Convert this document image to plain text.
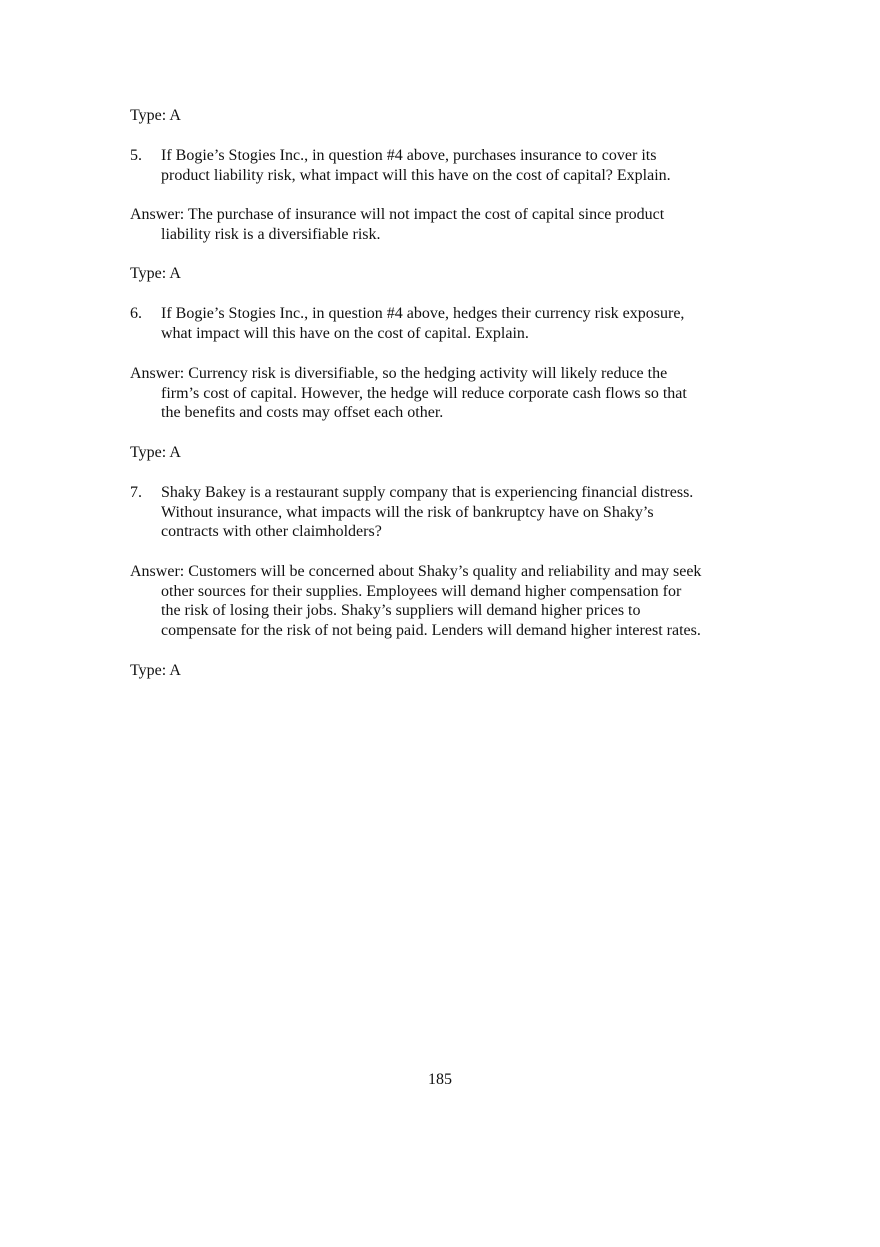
Type: A
5. If Bogie’s Stogies Inc., in question #4 above, purchases insurance to cover its
product liability risk, what impact will this have on the cost of capital? Explain.
Answer: The purchase of insurance will not impact the cost of capital since product
liability risk is a diversifiable risk.
Type: A
6. If Bogie’s Stogies Inc., in question #4 above, hedges their currency risk exposure,
what impact will this have on the cost of capital. Explain.
Answer: Currency risk is diversifiable, so the hedging activity will likely reduce the
firm’s cost of capital. However, the hedge will reduce corporate cash flows so that
the benefits and costs may offset each other.
Type: A
7. Shaky Bakey is a restaurant supply company that is experiencing financial distress.
Without insurance, what impacts will the risk of bankruptcy have on Shaky’s
contracts with other claimholders?
Answer: Customers will be concerned about Shaky’s quality and reliability and may seek
other sources for their supplies. Employees will demand higher compensation for
the risk of losing their jobs. Shaky’s suppliers will demand higher prices to
compensate for the risk of not being paid. Lenders will demand higher interest rates.
Type: A
185
